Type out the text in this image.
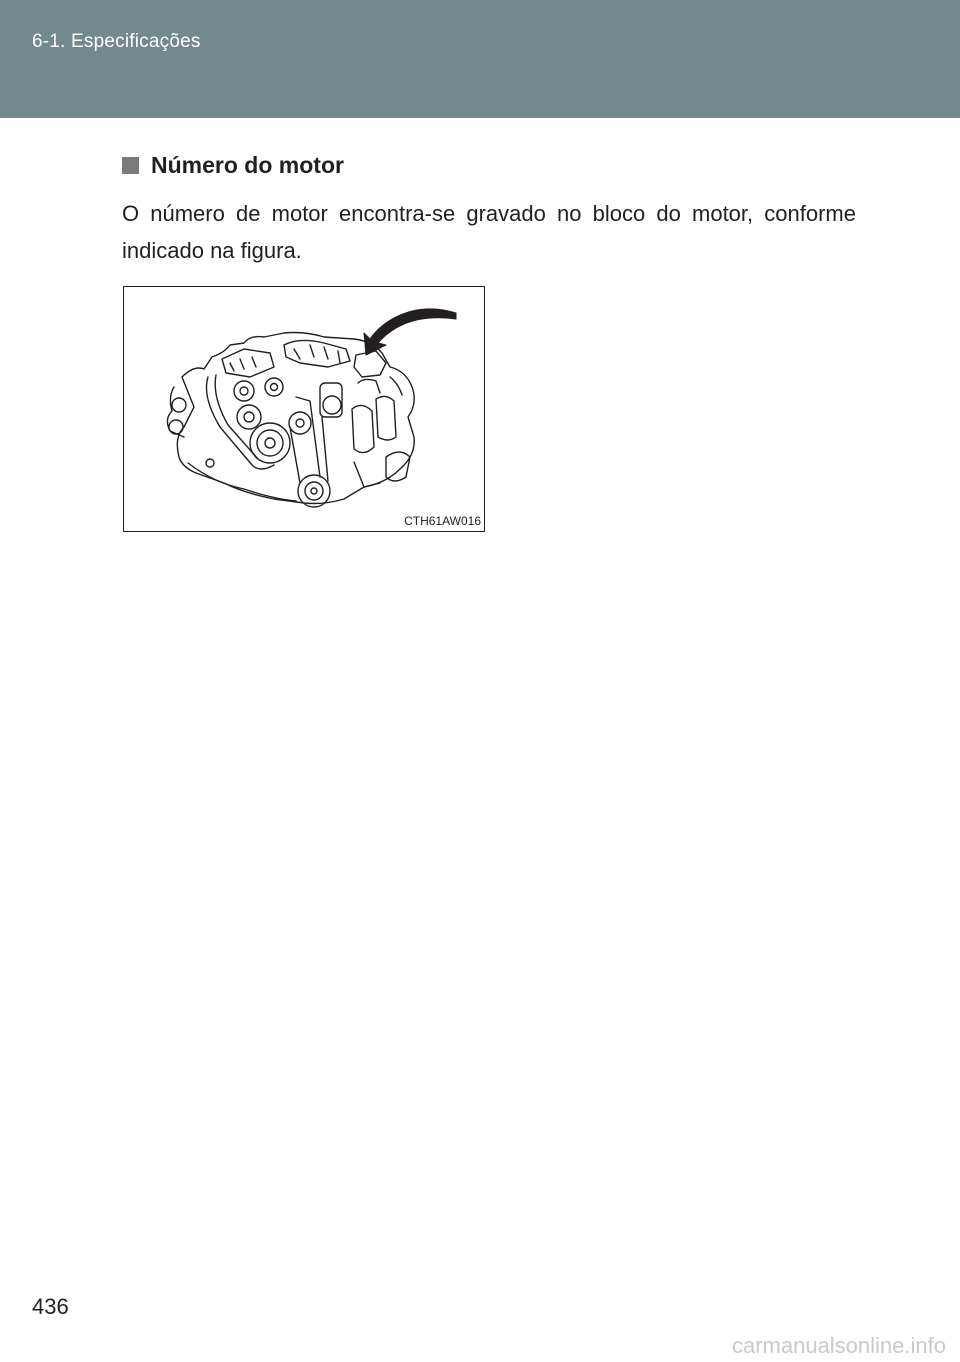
6-1. Especificações
Número do motor
O número de motor encontra-se gravado no bloco do motor, conforme indicado na figura.
CTH61AW016
436
carmanualsonline.info
